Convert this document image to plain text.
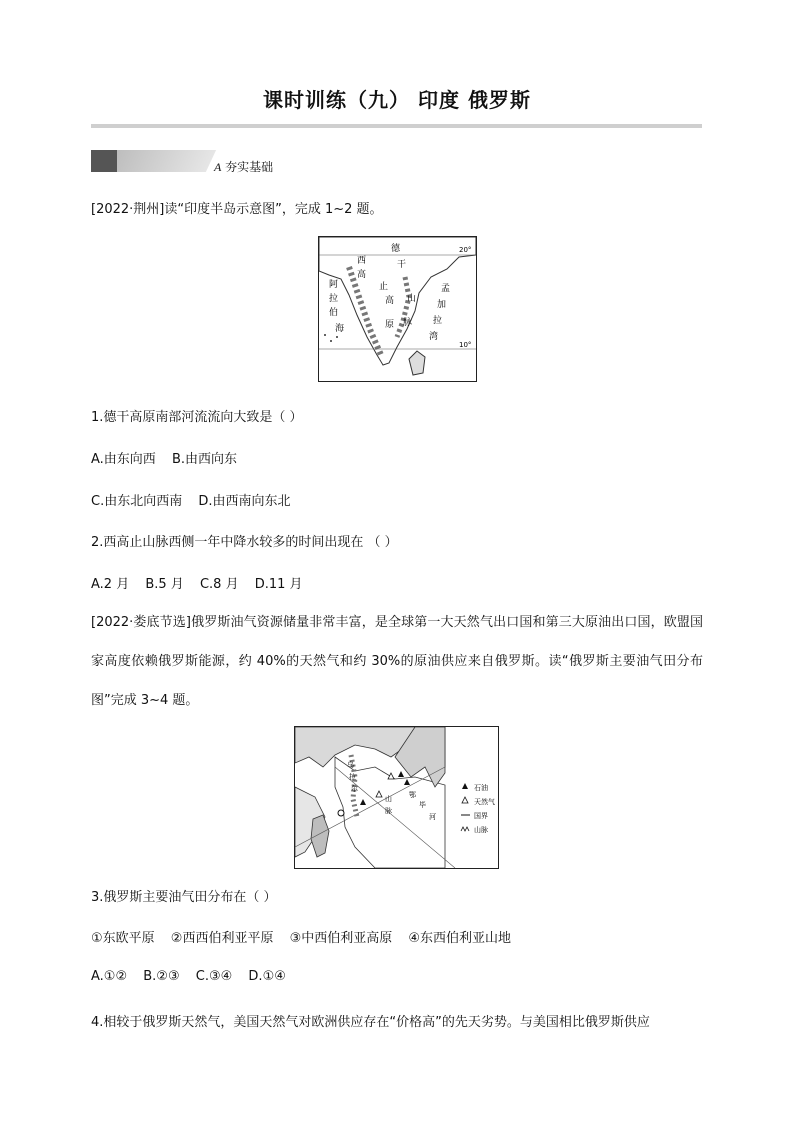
课时训练（九） 印度 俄罗斯
A 夯实基础
[2022·荆州]读“印度半岛示意图”，完成 1~2 题。
德
干
西
高
止
高
原
山
脉
阿
拉
伯
海
孟
加
拉
湾
20°
10°
1.德干高原南部河流流向大致是（ ）
A.由东向西 B.由西向东
C.由东北向西南 D.由西南向东北
2.西高止山脉西侧一年中降水较多的时间出现在 （ ）
A.2 月 B.5 月 C.8 月 D.11 月
[2022·娄底节选]俄罗斯油气资源储量非常丰富，是全球第一大天然气出口国和第三大原油出口国，欧盟国家高度依赖俄罗斯能源，约 40%的天然气和约 30%的原油供应来自俄罗斯。读“俄罗斯主要油气田分布图”完成 3~4 题。
乌
拉
尔
山
脉
鄂
毕
河
石油
天然气
国界
山脉
3.俄罗斯主要油气田分布在（ ）
①东欧平原 ②西西伯利亚平原 ③中西伯利亚高原 ④东西伯利亚山地
A.①② B.②③ C.③④ D.①④
4.相较于俄罗斯天然气，美国天然气对欧洲供应存在“价格高”的先天劣势。与美国相比俄罗斯供应
